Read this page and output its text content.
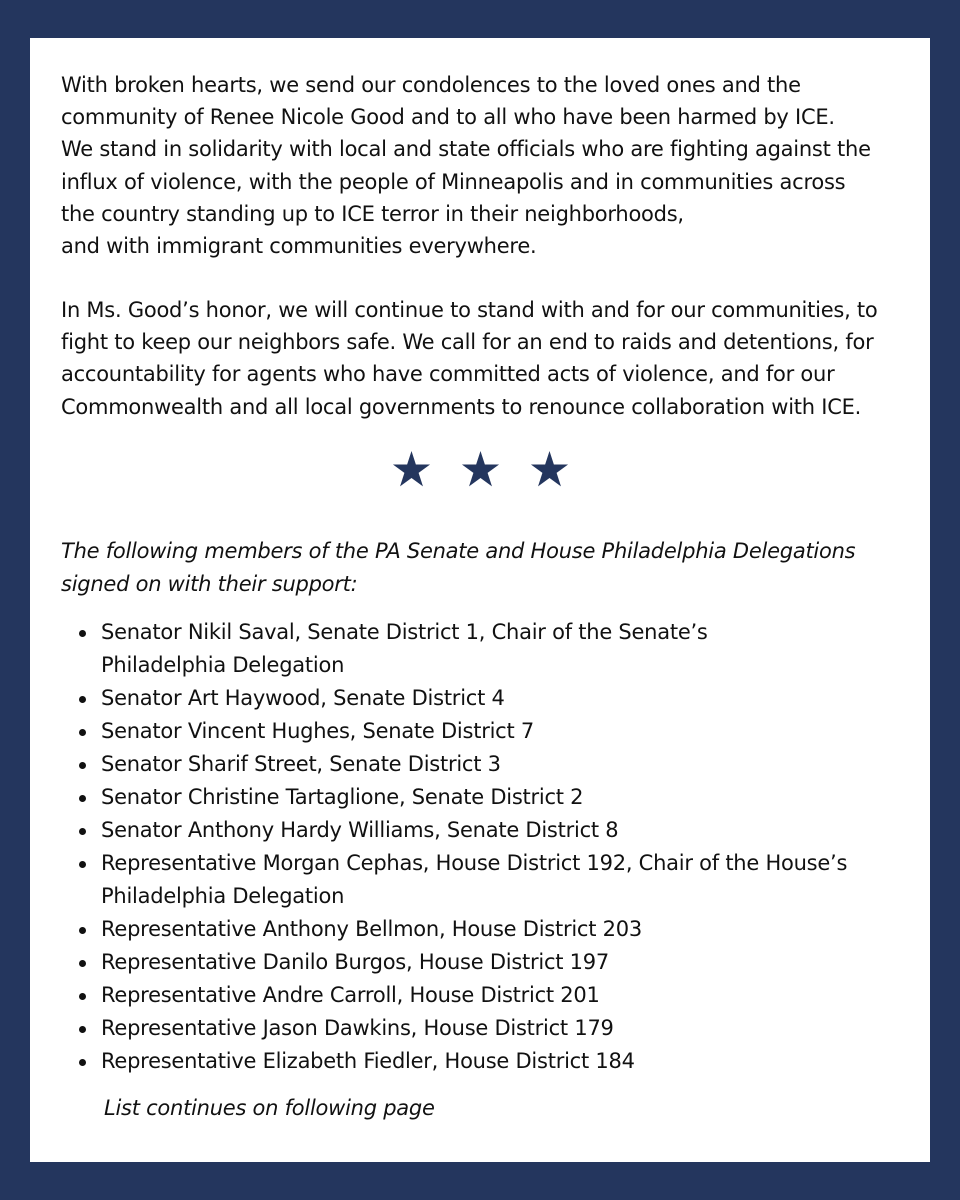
With broken hearts, we send our condolences to the loved ones and the
community of Renee Nicole Good and to all who have been harmed by ICE.
We stand in solidarity with local and state officials who are fighting against the
influx of violence, with the people of Minneapolis and in communities across
the country standing up to ICE terror in their neighborhoods,
and with immigrant communities everywhere.

In Ms. Good’s honor, we will continue to stand with and for our communities, to
fight to keep our neighbors safe. We call for an end to raids and detentions, for
accountability for agents who have committed acts of violence, and for our
Commonwealth and all local governments to renounce collaboration with ICE.

The following members of the PA Senate and House Philadelphia Delegations
signed on with their support:

Senator Nikil Saval, Senate District 1, Chair of the Senate’s
Philadelphia Delegation
Senator Art Haywood, Senate District 4
Senator Vincent Hughes, Senate District 7
Senator Sharif Street, Senate District 3
Senator Christine Tartaglione, Senate District 2
Senator Anthony Hardy Williams, Senate District 8
Representative Morgan Cephas, House District 192, Chair of the House’s
Philadelphia Delegation
Representative Anthony Bellmon, House District 203
Representative Danilo Burgos, House District 197
Representative Andre Carroll, House District 201
Representative Jason Dawkins, House District 179
Representative Elizabeth Fiedler, House District 184

List continues on following page
